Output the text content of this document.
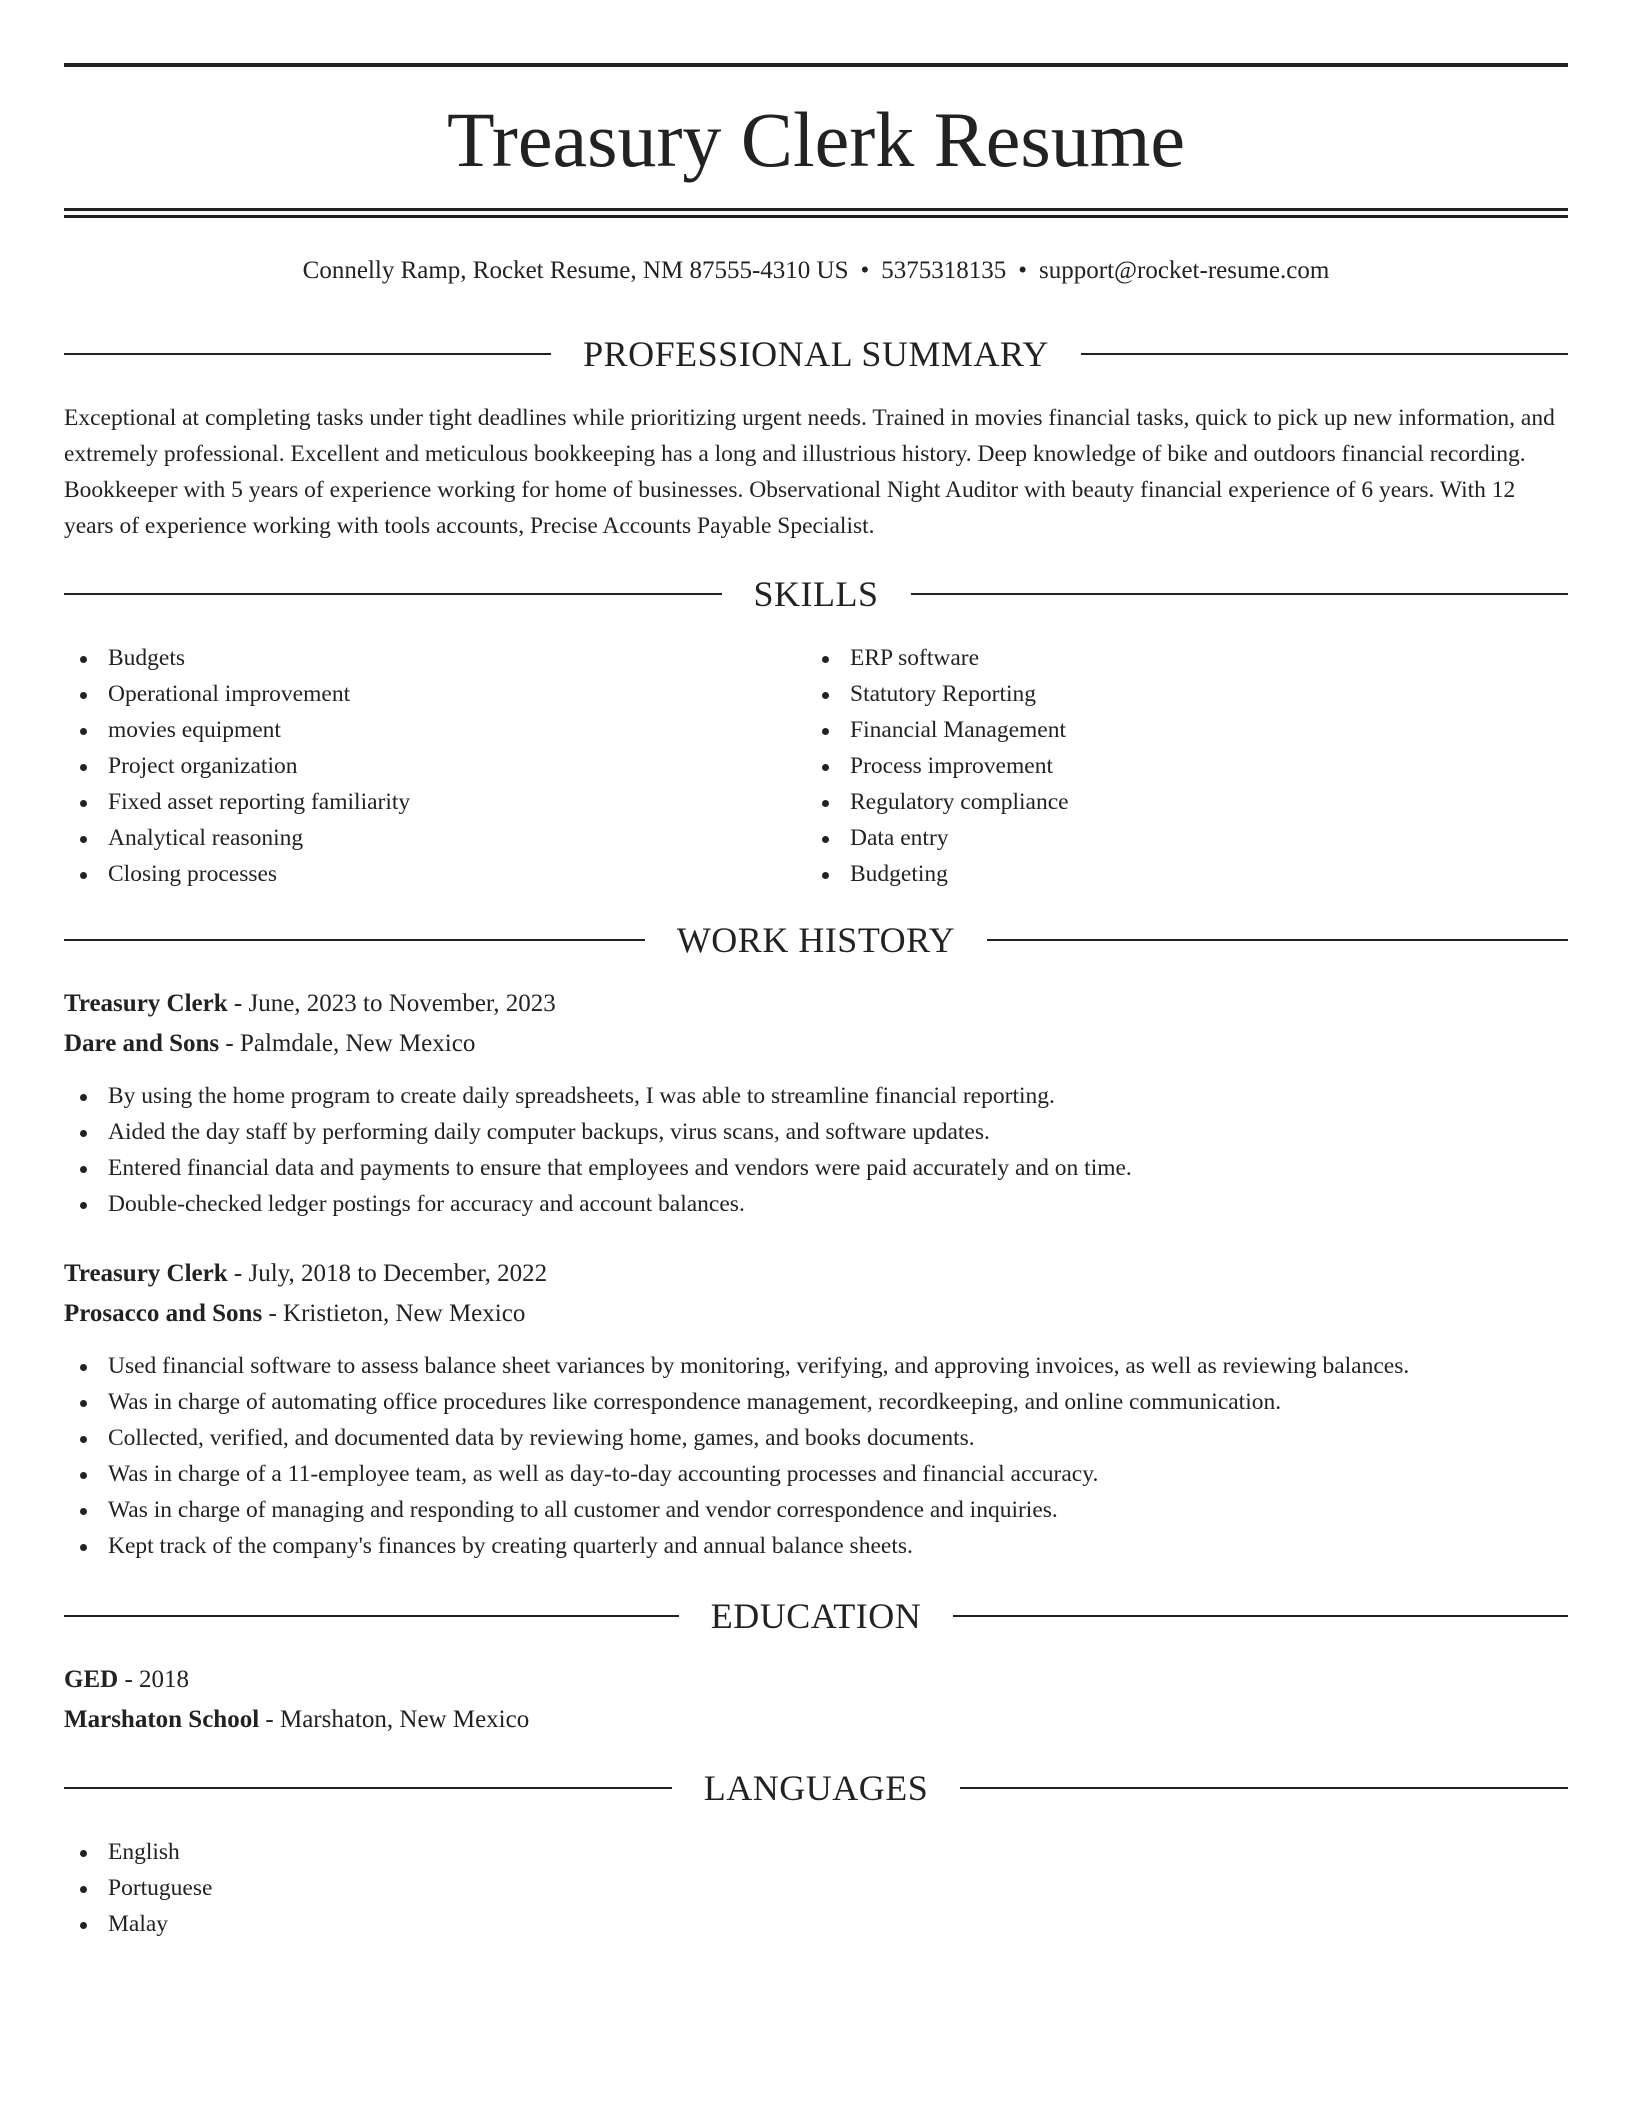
Treasury Clerk Resume
Connelly Ramp, Rocket Resume, NM 87555-4310 US • 5375318135 • support@rocket-resume.com
PROFESSIONAL SUMMARY

Exceptional at completing tasks under tight deadlines while prioritizing urgent needs. Trained in movies financial tasks, quick to pick up new information, and extremely professional. Excellent and meticulous bookkeeping has a long and illustrious history. Deep knowledge of bike and outdoors financial recording. Bookkeeper with 5 years of experience working for home of businesses. Observational Night Auditor with beauty financial experience of 6 years. With 12 years of experience working with tools accounts, Precise Accounts Payable Specialist.

SKILLS
Budgets
Operational improvement
movies equipment
Project organization
Fixed asset reporting familiarity
Analytical reasoning
Closing processes
ERP software
Statutory Reporting
Financial Management
Process improvement
Regulatory compliance
Data entry
Budgeting
WORK HISTORY

Treasury Clerk - June, 2023 to November, 2023

Dare and Sons - Palmdale, New Mexico

By using the home program to create daily spreadsheets, I was able to streamline financial reporting.
Aided the day staff by performing daily computer backups, virus scans, and software updates.
Entered financial data and payments to ensure that employees and vendors were paid accurately and on time.
Double-checked ledger postings for accuracy and account balances.

Treasury Clerk - July, 2018 to December, 2022

Prosacco and Sons - Kristieton, New Mexico

Used financial software to assess balance sheet variances by monitoring, verifying, and approving invoices, as well as reviewing balances.
Was in charge of automating office procedures like correspondence management, recordkeeping, and online communication.
Collected, verified, and documented data by reviewing home, games, and books documents.
Was in charge of a 11-employee team, as well as day-to-day accounting processes and financial accuracy.
Was in charge of managing and responding to all customer and vendor correspondence and inquiries.
Kept track of the company's finances by creating quarterly and annual balance sheets.
EDUCATION

GED - 2018

Marshaton School - Marshaton, New Mexico

LANGUAGES
English
Portuguese
Malay
